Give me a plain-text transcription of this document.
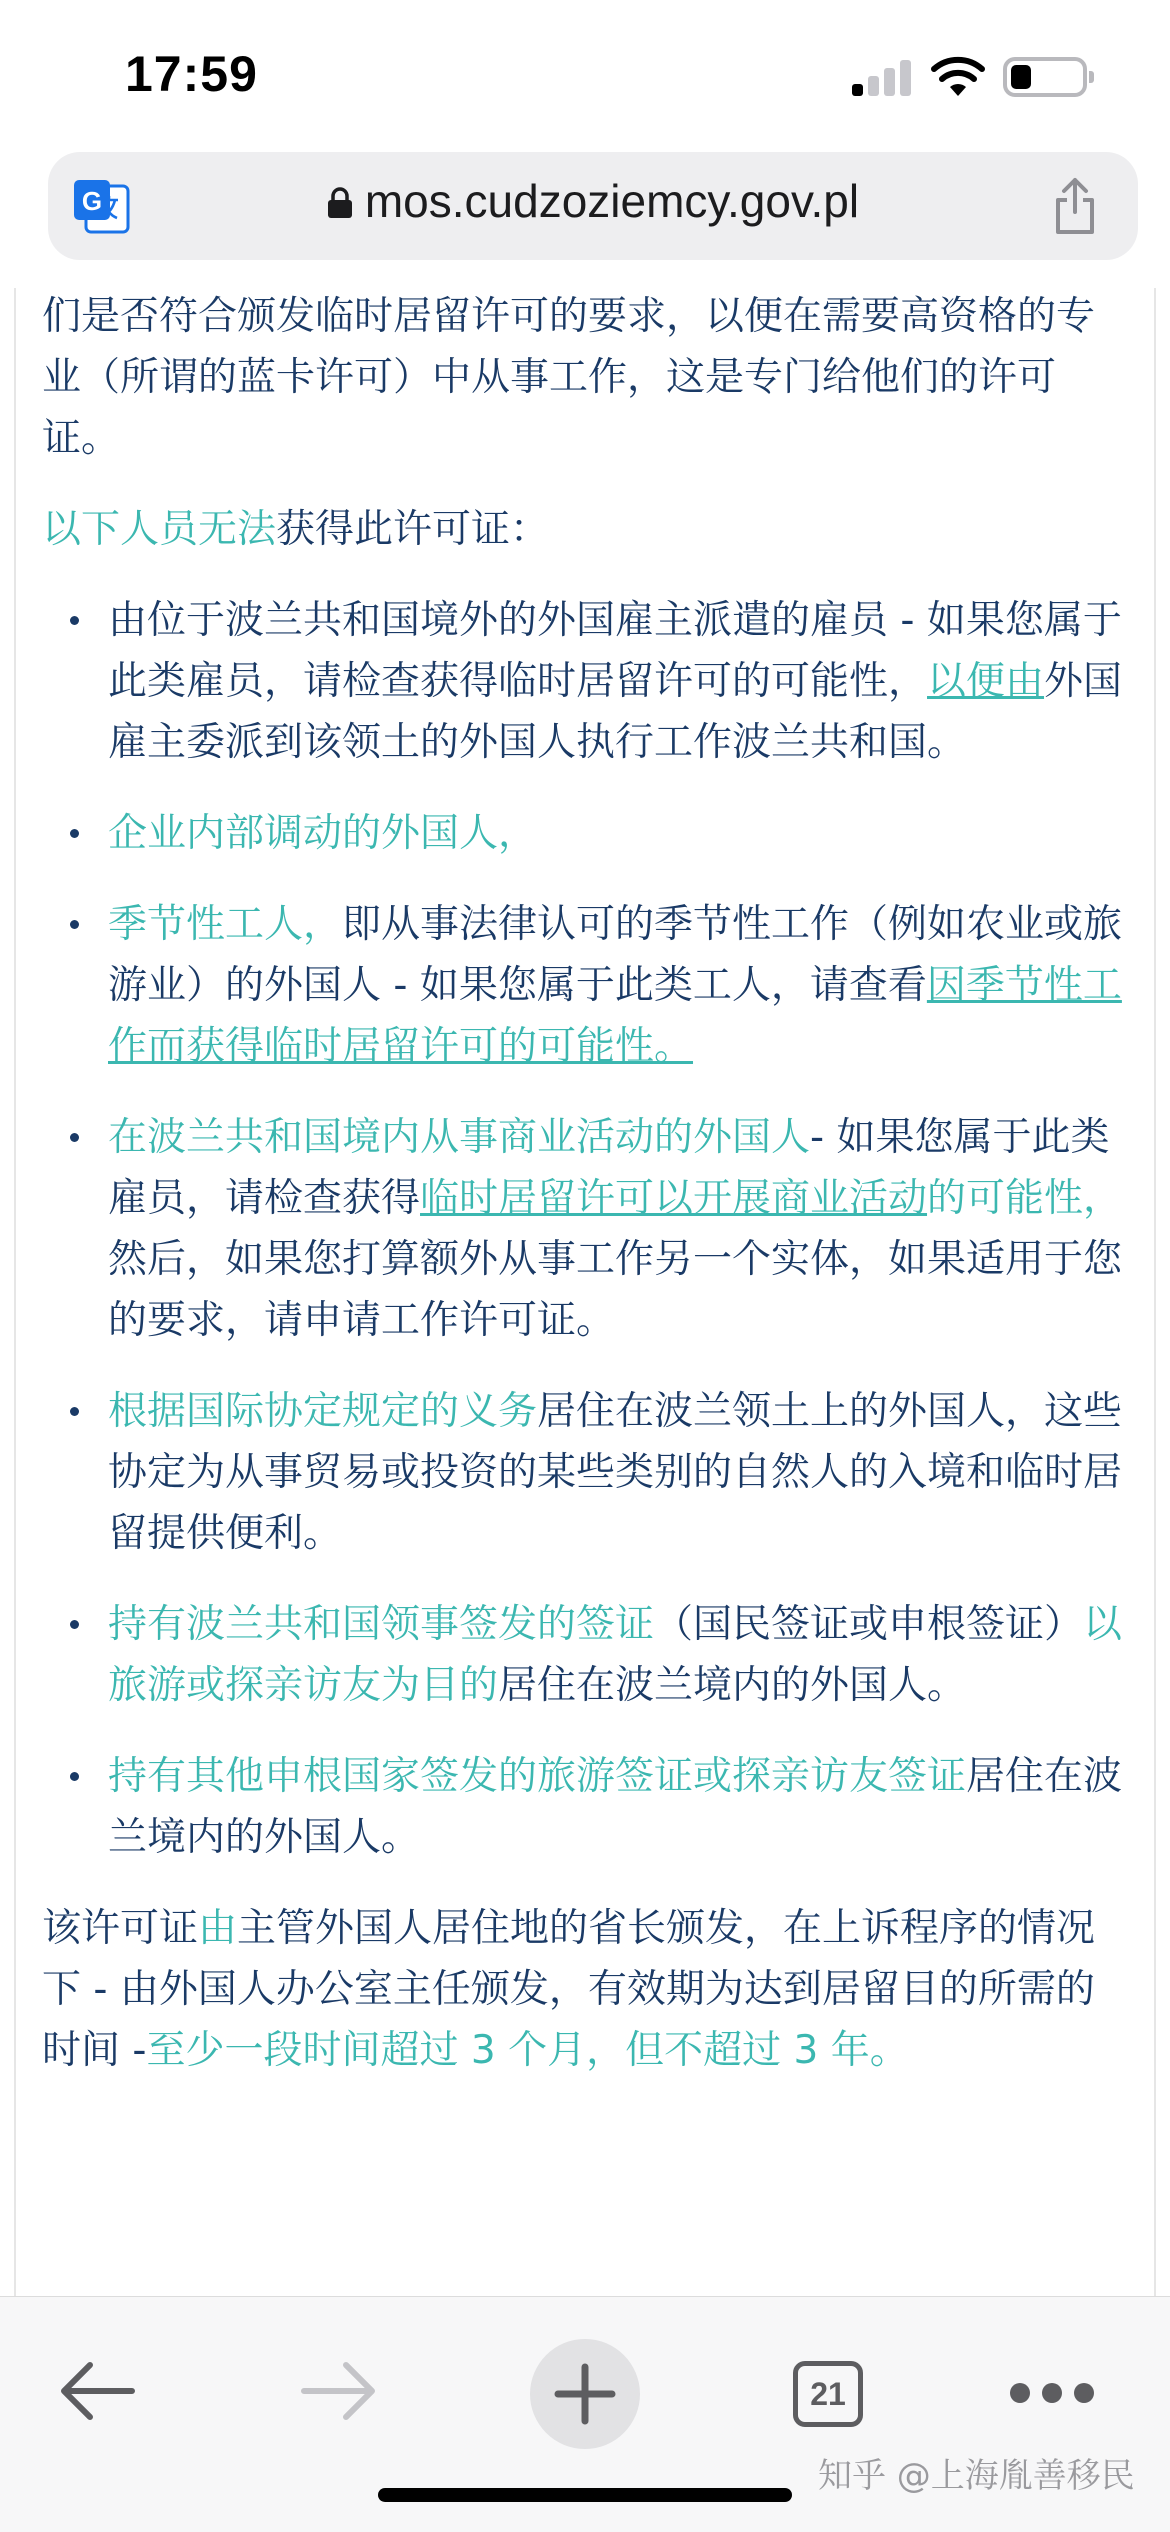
17:59
G	mos.cudzoziemcy.gov.pl

们是否符合颁发临时居留许可的要求，以便在需要高资格的专业（所谓的蓝卡许可）中从事工作，这是专门给他们的许可证。

以下人员无法获得此许可证：

由位于波兰共和国境外的外国雇主派遣的雇员 - 如果您属于此类雇员，请检查获得临时居留许可的可能性，以便由外国雇主委派到该领土的外国人执行工作波兰共和国。
企业内部调动的外国人，
季节性工人，即从事法律认可的季节性工作（例如农业或旅游业）的外国人 - 如果您属于此类工人，请查看因季节性工作而获得临时居留许可的可能性。
在波兰共和国境内从事商业活动的外国人- 如果您属于此类雇员，请检查获得临时居留许可以开展商业活动的可能性，然后，如果您打算额外从事工作另一个实体，如果适用于您的要求，请申请工作许可证。
根据国际协定规定的义务居住在波兰领土上的外国人，这些协定为从事贸易或投资的某些类别的自然人的入境和临时居留提供便利。
持有波兰共和国领事签发的签证（国民签证或申根签证）以旅游或探亲访友为目的居住在波兰境内的外国人。
持有其他申根国家签发的旅游签证或探亲访友签证居住在波兰境内的外国人。

该许可证由主管外国人居住地的省长颁发，在上诉程序的情况下 - 由外国人办公室主任颁发，有效期为达到居留目的所需的时间 -至少一段时间超过 3 个月，但不超过 3 年。

21
知乎 @上海胤善移民
